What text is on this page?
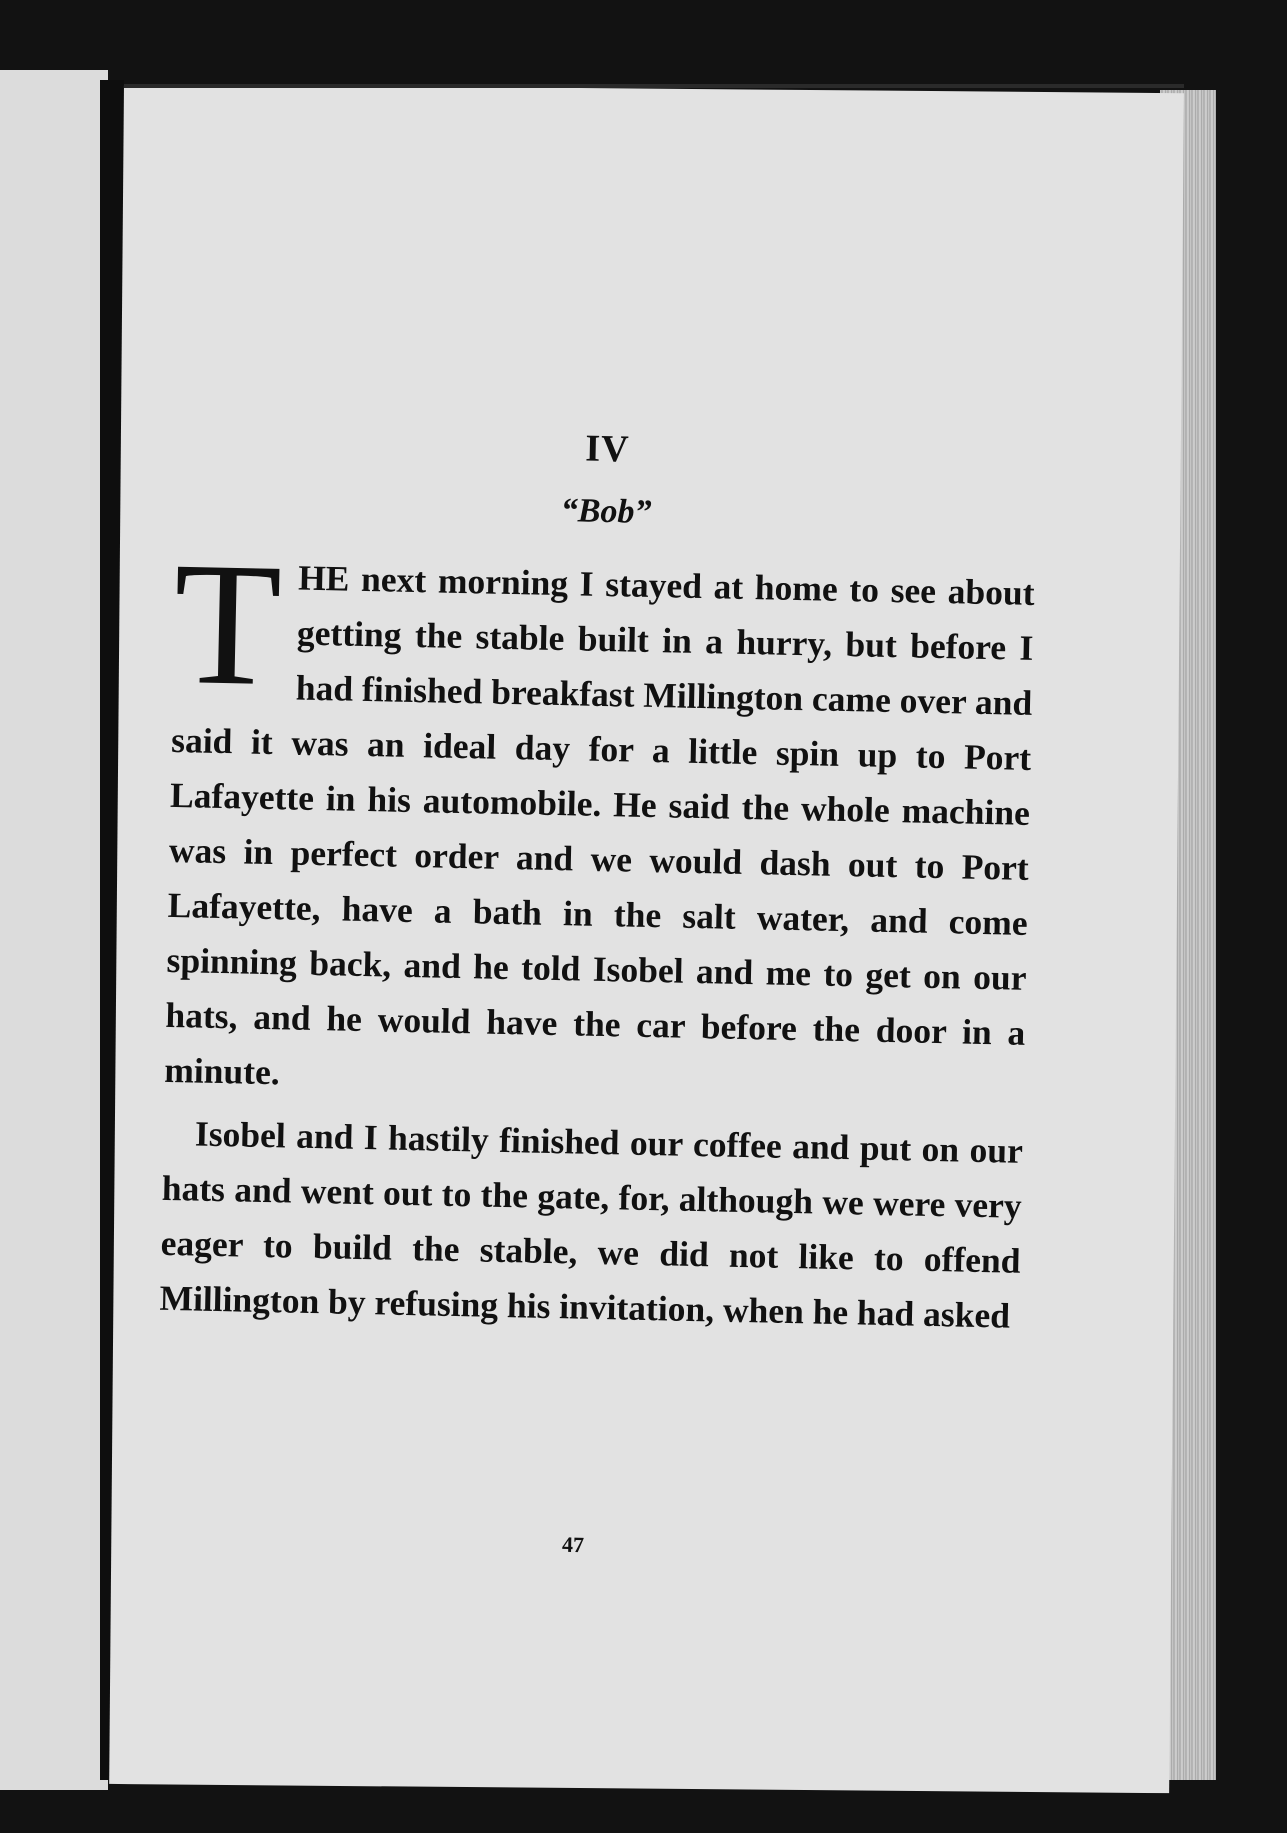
IV
“Bob”

T HE next morning I stayed at home to see about getting the stable built in a hurry, but before I had finished breakfast Millington came over and said it was an ideal day for a little spin up to Port Lafayette in his automobile. He said the whole machine was in perfect order and we would dash out to Port Lafayette, have a bath in the salt water, and come spinning back, and he told Isobel and me to get on our hats, and he would have the car before the door in a minute.

Isobel and I hastily finished our coffee and put on our hats and went out to the gate, for, although we were very eager to build the stable, we did not like to offend Millington by refusing his invitation, when he had asked

47
